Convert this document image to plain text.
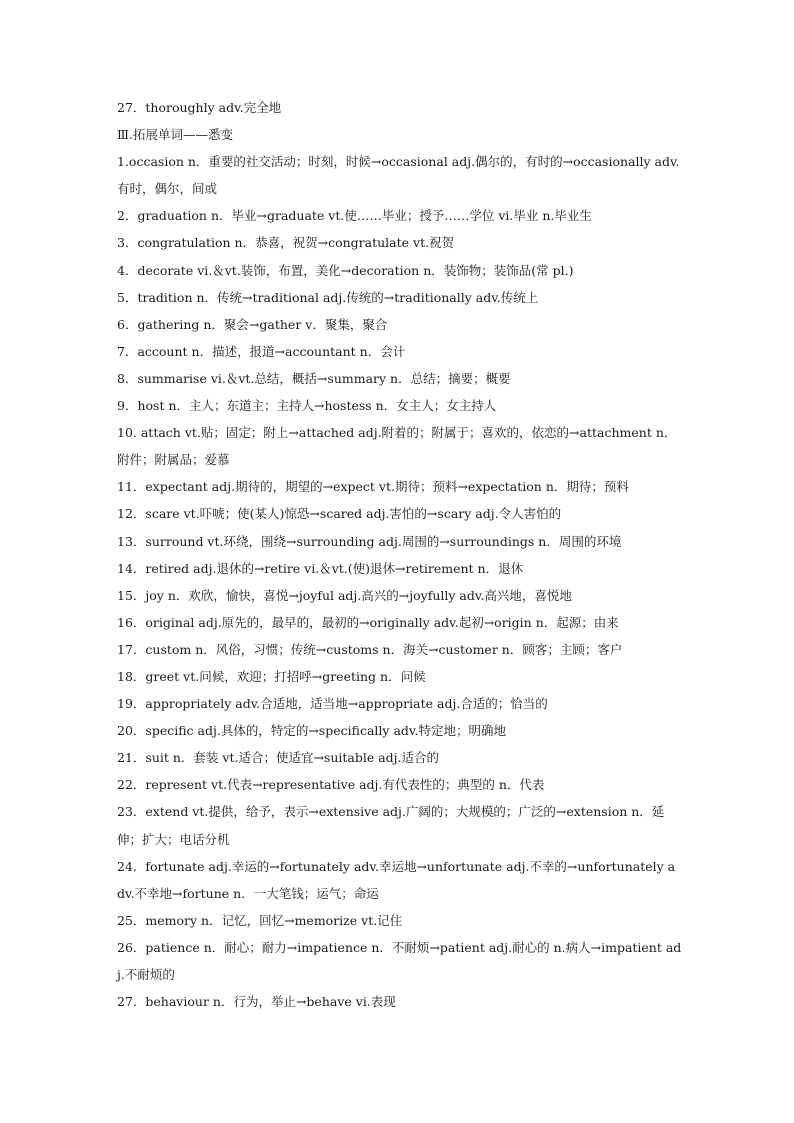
27．thoroughly adv.完全地

Ⅲ.拓展单词——悉变

1.occasion n．重要的社交活动；时刻，时候→occasional adj.偶尔的，有时的→occasionally adv.有时，偶尔，间或

2．graduation n．毕业→graduate vt.使……毕业；授予……学位 vi.毕业 n.毕业生

3．congratulation n．恭喜，祝贺→congratulate vt.祝贺

4．decorate vi.＆vt.装饰，布置，美化→decoration n．装饰物；装饰品(常 pl.)

5．tradition n．传统→traditional adj.传统的→traditionally adv.传统上

6．gathering n．聚会→gather v．聚集，聚合

7．account n．描述，报道→accountant n．会计

8．summarise vi.＆vt.总结，概括→summary n．总结；摘要；概要

9．host n．主人；东道主；主持人→hostess n．女主人；女主持人

10. attach vt.贴；固定；附上→attached adj.附着的；附属于；喜欢的，依恋的→attachment n．附件；附属品；爱慕

11．expectant adj.期待的，期望的→expect vt.期待；预料→expectation n．期待；预料

12．scare vt.吓唬；使(某人)惊恐→scared adj.害怕的→scary adj.令人害怕的

13．surround vt.环绕，围绕→surrounding adj.周围的→surroundings n．周围的环境

14．retired adj.退休的→retire vi.＆vt.(使)退休→retirement n．退休

15．joy n．欢欣，愉快，喜悦→joyful adj.高兴的→joyfully adv.高兴地，喜悦地

16．original adj.原先的，最早的，最初的→originally adv.起初→origin n．起源；由来

17．custom n．风俗，习惯；传统→customs n．海关→customer n．顾客；主顾；客户

18．greet vt.问候，欢迎；打招呼→greeting n．问候

19．appropriately adv.合适地，适当地→appropriate adj.合适的；恰当的

20．specific adj.具体的，特定的→specifically adv.特定地；明确地

21．suit n．套装 vt.适合；使适宜→suitable adj.适合的

22．represent vt.代表→representative adj.有代表性的；典型的 n．代表

23．extend vt.提供，给予，表示→extensive adj.广阔的；大规模的；广泛的→extension n．延伸；扩大；电话分机

24．fortunate adj.幸运的→fortunately adv.幸运地→unfortunate adj.不幸的→unfortunately adv.不幸地→fortune n．一大笔钱；运气；命运

25．memory n．记忆，回忆→memorize vt.记住

26．patience n．耐心；耐力→impatience n．不耐烦→patient adj.耐心的 n.病人→impatient adj.不耐烦的

27．behaviour n．行为，举止→behave vi.表现
